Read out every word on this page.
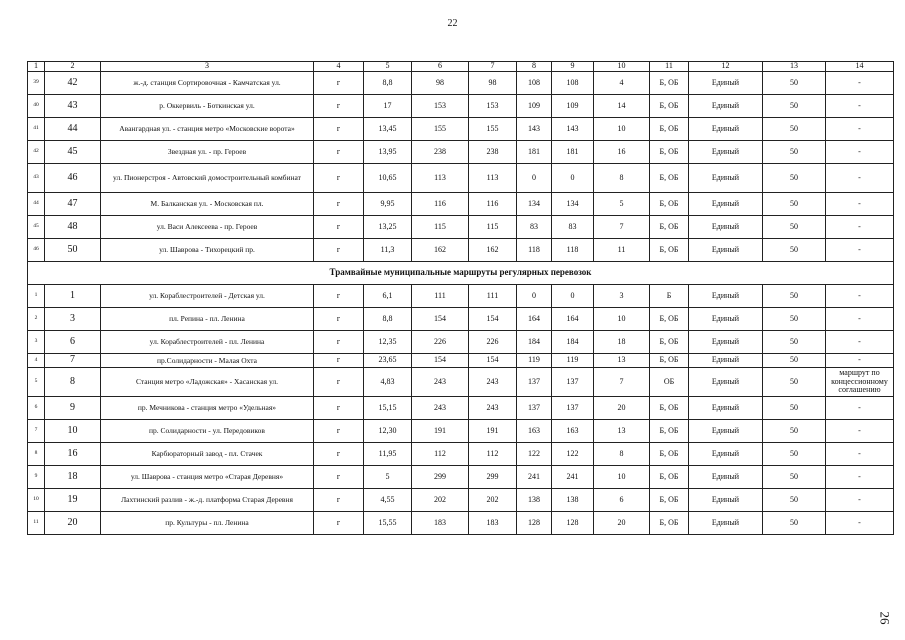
22
1	2	3	4	5	6	7	8	9	10	11	12	13	14
39	42	ж.-д. станция Сортировочная - Камчатская ул.	г	8,8	98	98	108	108	4	Б, ОБ	Единый	50	-
40	43	р. Оккервиль - Боткинская ул.	г	17	153	153	109	109	14	Б, ОБ	Единый	50	-
41	44	Авангардная ул. - станция метро «Московские ворота»	г	13,45	155	155	143	143	10	Б, ОБ	Единый	50	-
42	45	Звездная ул. - пр. Героев	г	13,95	238	238	181	181	16	Б, ОБ	Единый	50	-
43	46	ул. Пионерстроя - Автовский домостроительный комбинат	г	10,65	113	113	0	0	8	Б, ОБ	Единый	50	-
44	47	М. Балканская ул. - Московская пл.	г	9,95	116	116	134	134	5	Б, ОБ	Единый	50	-
45	48	ул. Васи Алексеева - пр. Героев	г	13,25	115	115	83	83	7	Б, ОБ	Единый	50	-
46	50	ул. Шаврова - Тихорецкий пр.	г	11,3	162	162	118	118	11	Б, ОБ	Единый	50	-
Трамвайные муниципальные маршруты регулярных перевозок													
1	1	ул. Кораблестроителей - Детская ул.	г	6,1	111	111	0	0	3	Б	Единый	50	-
2	3	пл. Репина - пл. Ленина	г	8,8	154	154	164	164	10	Б, ОБ	Единый	50	-
3	6	ул. Кораблестроителей - пл. Ленина	г	12,35	226	226	184	184	18	Б, ОБ	Единый	50	-
4	7	пр.Солидарности - Малая Охта	г	23,65	154	154	119	119	13	Б, ОБ	Единый	50	-
5	8	Станция метро «Ладожская» - Хасанская ул.	г	4,83	243	243	137	137	7	ОБ	Единый	50	маршрут по концессионному соглашению
6	9	пр. Мечникова - станция метро «Удельная»	г	15,15	243	243	137	137	20	Б, ОБ	Единый	50	-
7	10	пр. Солидарности - ул. Передовиков	г	12,30	191	191	163	163	13	Б, ОБ	Единый	50	-
8	16	Карбюраторный завод - пл. Стачек	г	11,95	112	112	122	122	8	Б, ОБ	Единый	50	-
9	18	ул. Шаврова - станция метро «Старая Деревня»	г	5	299	299	241	241	10	Б, ОБ	Единый	50	-
10	19	Лахтинский разлив - ж.-д. платформа Старая Деревня	г	4,55	202	202	138	138	6	Б, ОБ	Единый	50	-
11	20	пр. Культуры - пл. Ленина	г	15,55	183	183	128	128	20	Б, ОБ	Единый	50	-
26
